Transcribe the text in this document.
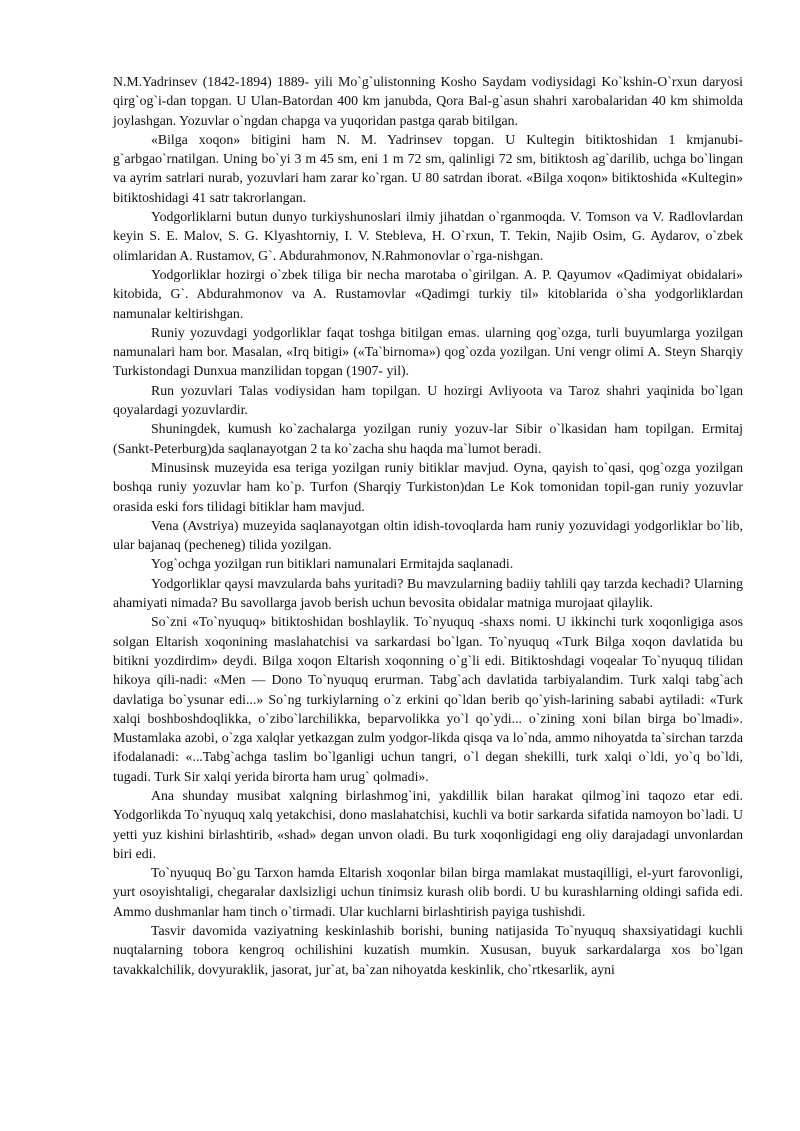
N.M.Yadrinsev (1842-1894) 1889- yili Mo`g`ulistonning Kosho Saydam vodiysidagi Ko`kshin-O`rxun daryosi qirg`og`i-dan topgan. U Ulan-Batordan 400 km janubda, Qora Bal-g`asun shahri xarobalaridan 40 km shimolda joylashgan. Yozuvlar o`ngdan chapga va yuqoridan pastga qarab bitilgan.

«Bilga xoqon» bitigini ham N. M. Yadrinsev topgan. U Kultegin bitiktoshidan 1 kmjanubi-g`arbgao`rnatilgan. Uning bo`yi 3 m 45 sm, eni 1 m 72 sm, qalinligi 72 sm, bitiktosh ag`darilib, uchga bo`lingan va ayrim satrlari nurab, yozuvlari ham zarar ko`rgan. U 80 satrdan iborat. «Bilga xoqon» bitiktoshida «Kultegin» bitiktoshidagi 41 satr takrorlangan.

Yodgorliklarni butun dunyo turkiyshunoslari ilmiy jihatdan o`rganmoqda. V. Tomson va V. Radlovlardan keyin S. E. Malov, S. G. Klyashtorniy, I. V. Stebleva, H. O`rxun, T. Tekin, Najib Osim, G. Aydarov, o`zbek olimlaridan A. Rustamov, G`. Abdurahmonov, N.Rahmonovlar o`rga-nishgan.

Yodgorliklar hozirgi o`zbek tiliga bir necha marotaba o`girilgan. A. P. Qayumov «Qadimiyat obidalari» kitobida, G`. Abdurahmonov va A. Rustamovlar «Qadimgi turkiy til» kitoblarida o`sha yodgorliklardan namunalar keltirishgan.

Runiy yozuvdagi yodgorliklar faqat toshga bitilgan emas. ularning qog`ozga, turli buyumlarga yozilgan namunalari ham bor. Masalan, «Irq bitigi» («Ta`birnoma») qog`ozda yozilgan. Uni vengr olimi A. Steyn Sharqiy Turkistondagi Dunxua manzilidan topgan (1907- yil).

Run yozuvlari Talas vodiysidan ham topilgan. U hozirgi Avliyoota va Taroz shahri yaqinida bo`lgan qoyalardagi yozuvlardir.

Shuningdek, kumush ko`zachalarga yozilgan runiy yozuv-lar Sibir o`lkasidan ham topilgan. Ermitaj (Sankt-Peterburg)da saqlanayotgan 2 ta ko`zacha shu haqda ma`lumot beradi.

Minusinsk muzeyida esa teriga yozilgan runiy bitiklar mavjud. Oyna, qayish to`qasi, qog`ozga yozilgan boshqa runiy yozuvlar ham ko`p. Turfon (Sharqiy Turkiston)dan Le Kok tomonidan topil-gan runiy yozuvlar orasida eski fors tilidagi bitiklar ham mavjud.

Vena (Avstriya) muzeyida saqlanayotgan oltin idish-tovoqlarda ham runiy yozuvidagi yodgorliklar bo`lib, ular bajanaq (pecheneg) tilida yozilgan.

Yog`ochga yozilgan run bitiklari namunalari Ermitajda saqlanadi.

Yodgorliklar qaysi mavzularda bahs yuritadi? Bu mavzularning badiiy tahlili qay tarzda kechadi? Ularning ahamiyati nimada? Bu savollarga javob berish uchun bevosita obidalar matniga murojaat qilaylik.

So`zni «To`nyuquq» bitiktoshidan boshlaylik. To`nyuquq -shaxs nomi. U ikkinchi turk xoqonligiga asos solgan Eltarish xoqonining maslahatchisi va sarkardasi bo`lgan. To`nyuquq «Turk Bilga xoqon davlatida bu bitikni yozdirdim» deydi. Bilga xoqon Eltarish xoqonning o`g`li edi. Bitiktoshdagi voqealar To`nyuquq tilidan hikoya qili-nadi: «Men — Dono To`nyuquq erurman. Tabg`ach davlatida tarbiyalandim. Turk xalqi tabg`ach davlatiga bo`ysunar edi...» So`ng turkiylarning o`z erkini qo`ldan berib qo`yish-larining sababi aytiladi: «Turk xalqi boshboshdoqlikka, o`zibo`larchilikka, beparvolikka yo`l qo`ydi... o`zining xoni bilan birga bo`lmadi». Mustamlaka azobi, o`zga xalqlar yetkazgan zulm yodgor-likda qisqa va lo`nda, ammo nihoyatda ta`sirchan tarzda ifodalanadi: «...Tabg`achga taslim bo`lganligi uchun tangri, o`l degan shekilli, turk xalqi o`ldi, yo`q bo`ldi, tugadi. Turk Sir xalqi yerida birorta ham urug` qolmadi».

Ana shunday musibat xalqning birlashmog`ini, yakdillik bilan harakat qilmog`ini taqozo etar edi. Yodgorlikda To`nyuquq xalq yetakchisi, dono maslahatchisi, kuchli va botir sarkarda sifatida namoyon bo`ladi. U yetti yuz kishini birlashtirib, «shad» degan unvon oladi. Bu turk xoqonligidagi eng oliy darajadagi unvonlardan biri edi.

To`nyuquq Bo`gu Tarxon hamda Eltarish xoqonlar bilan birga mamlakat mustaqilligi, el-yurt farovonligi, yurt osoyishtaligi, chegaralar daxlsizligi uchun tinimsiz kurash olib bordi. U bu kurashlarning oldingi safida edi. Ammo dushmanlar ham tinch o`tirmadi. Ular kuchlarni birlashtirish payiga tushishdi.

Tasvir davomida vaziyatning keskinlashib borishi, buning natijasida To`nyuquq shaxsiyatidagi kuchli nuqtalarning tobora kengroq ochilishini kuzatish mumkin. Xususan, buyuk sarkardalarga xos bo`lgan tavakkalchilik, dovyuraklik, jasorat, jur`at, ba`zan nihoyatda keskinlik, cho`rtkesarlik, ayni
